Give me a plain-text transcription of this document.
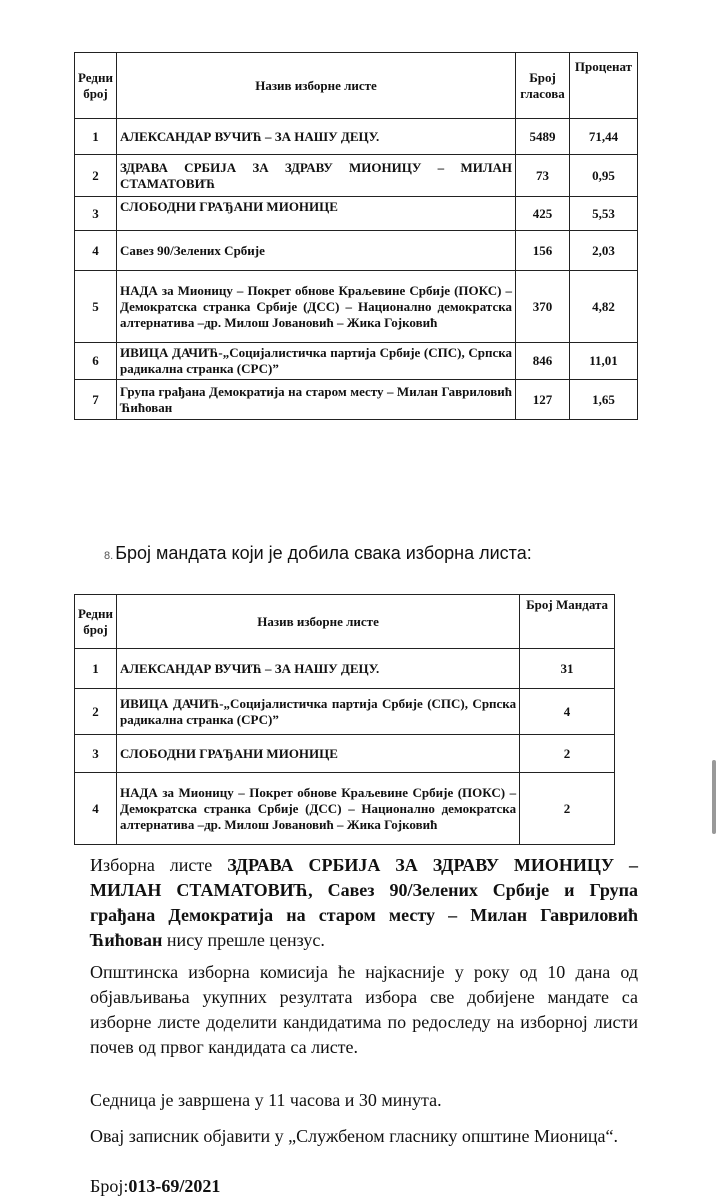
Редни број	Назив изборне листе	Број гласова	Проценат
1	АЛЕКСАНДАР ВУЧИЋ – ЗА НАШУ ДЕЦУ.	5489	71,44
2	ЗДРАВА СРБИЈА ЗА ЗДРАВУ МИОНИЦУ – МИЛАН СТАМАТОВИЋ	73	0,95
3	СЛОБОДНИ ГРАЂАНИ МИОНИЦЕ	425	5,53
4	Савез 90/Зелених Србије	156	2,03
5	НАДА за Мионицу – Покрет обнове Краљевине Србије (ПОКС) – Демократска странка Србије (ДСС) – Национално демократска алтернатива –др. Милош Јовановић – Жика Гојковић	370	4,82
6	ИВИЦА ДАЧИЋ-„Социјалистичка партија Србије (СПС), Српска радикална странка (СРС)”	846	11,01
7	Група грађана Демократија на старом месту – Милан Гавриловић Ћићован	127	1,65
8. Број мандата који је добила свака изборна листа:
Редни број	Назив изборне листе	Број Мандата
1	АЛЕКСАНДАР ВУЧИЋ – ЗА НАШУ ДЕЦУ.	31
2	ИВИЦА ДАЧИЋ-„Социјалистичка партија Србије (СПС), Српска радикална странка (СРС)”	4
3	СЛОБОДНИ ГРАЂАНИ МИОНИЦЕ	2
4	НАДА за Мионицу – Покрет обнове Краљевине Србије (ПОКС) – Демократска странка Србије (ДСС) – Национално демократска алтернатива –др. Милош Јовановић – Жика Гојковић	2

Изборна листе ЗДРАВА СРБИЈА ЗА ЗДРАВУ МИОНИЦУ – МИЛАН СТАМАТОВИЋ, Савез 90/Зелених Србије и Група грађана Демократија на старом месту – Милан Гавриловић Ћићован нису прешле цензус.

Општинска изборна комисија ће најкасније у року од 10 дана од објављивања укупних резултата избора све добијене мандате са изборне листе доделити кандидатима по редоследу на изборној листи почев од првог кандидата са листе.

Седница је завршена у 11 часова и 30 минута.

Овај записник објавити у „Службеном гласнику општине Мионица“.

Број:013-69/2021
